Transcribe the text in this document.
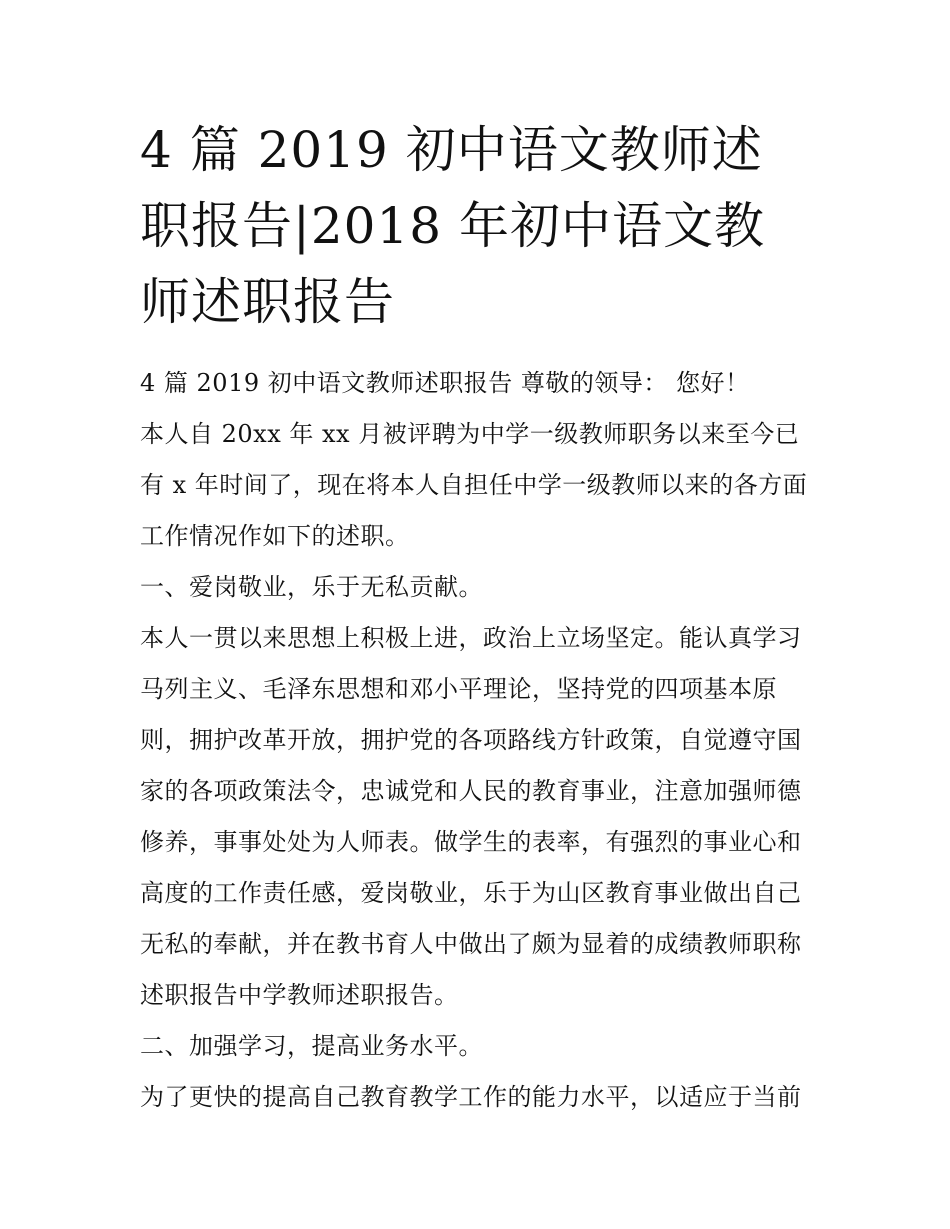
4 篇 2019 初中语文教师述职报告|2018 年初中语文教师述职报告

4 篇 2019 初中语文教师述职报告 尊敬的领导： 您好！

本人自 20xx 年 xx 月被评聘为中学一级教师职务以来至今已有 x 年时间了，现在将本人自担任中学一级教师以来的各方面工作情况作如下的述职。

一、爱岗敬业，乐于无私贡献。

本人一贯以来思想上积极上进，政治上立场坚定。能认真学习马列主义、毛泽东思想和邓小平理论，坚持党的四项基本原则，拥护改革开放，拥护党的各项路线方针政策，自觉遵守国家的各项政策法令，忠诚党和人民的教育事业，注意加强师德修养，事事处处为人师表。做学生的表率，有强烈的事业心和高度的工作责任感，爱岗敬业，乐于为山区教育事业做出自己无私的奉献，并在教书育人中做出了颇为显着的成绩教师职称述职报告中学教师述职报告。

二、加强学习，提高业务水平。

为了更快的提高自己教育教学工作的能力水平，以适应于当前
